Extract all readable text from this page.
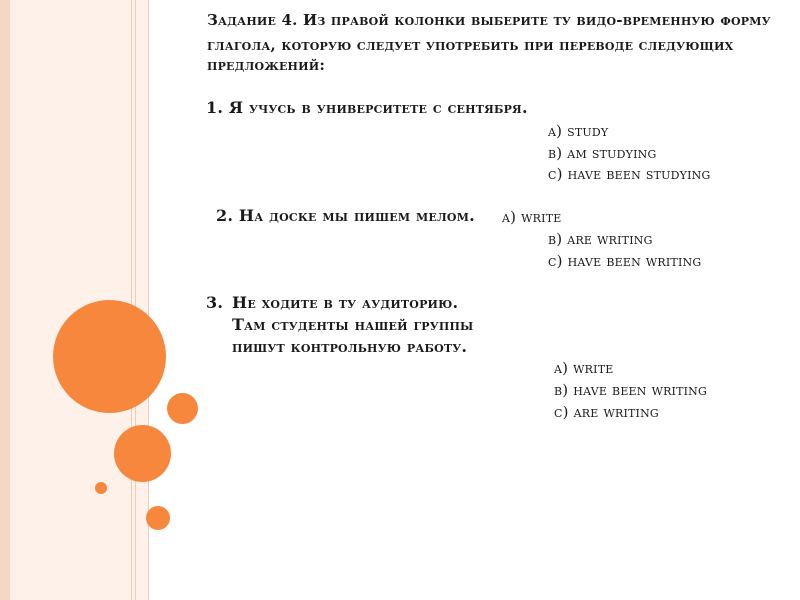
Задание 4. Из правой колонки выберите ту видо-временную форму
глагола, которую следует употребить при переводе следующих
предложений:
1. Я учусь в университете с сентября.
a) study
в) am studying
c) have been studying
2. На доске мы пишем мелом. a) write
в) are writing
c) have been writing
3. Не ходите в ту аудиторию.
Там студенты нашей группы
пишут контрольную работу.
a) write
в) have been writing
c) are writing
